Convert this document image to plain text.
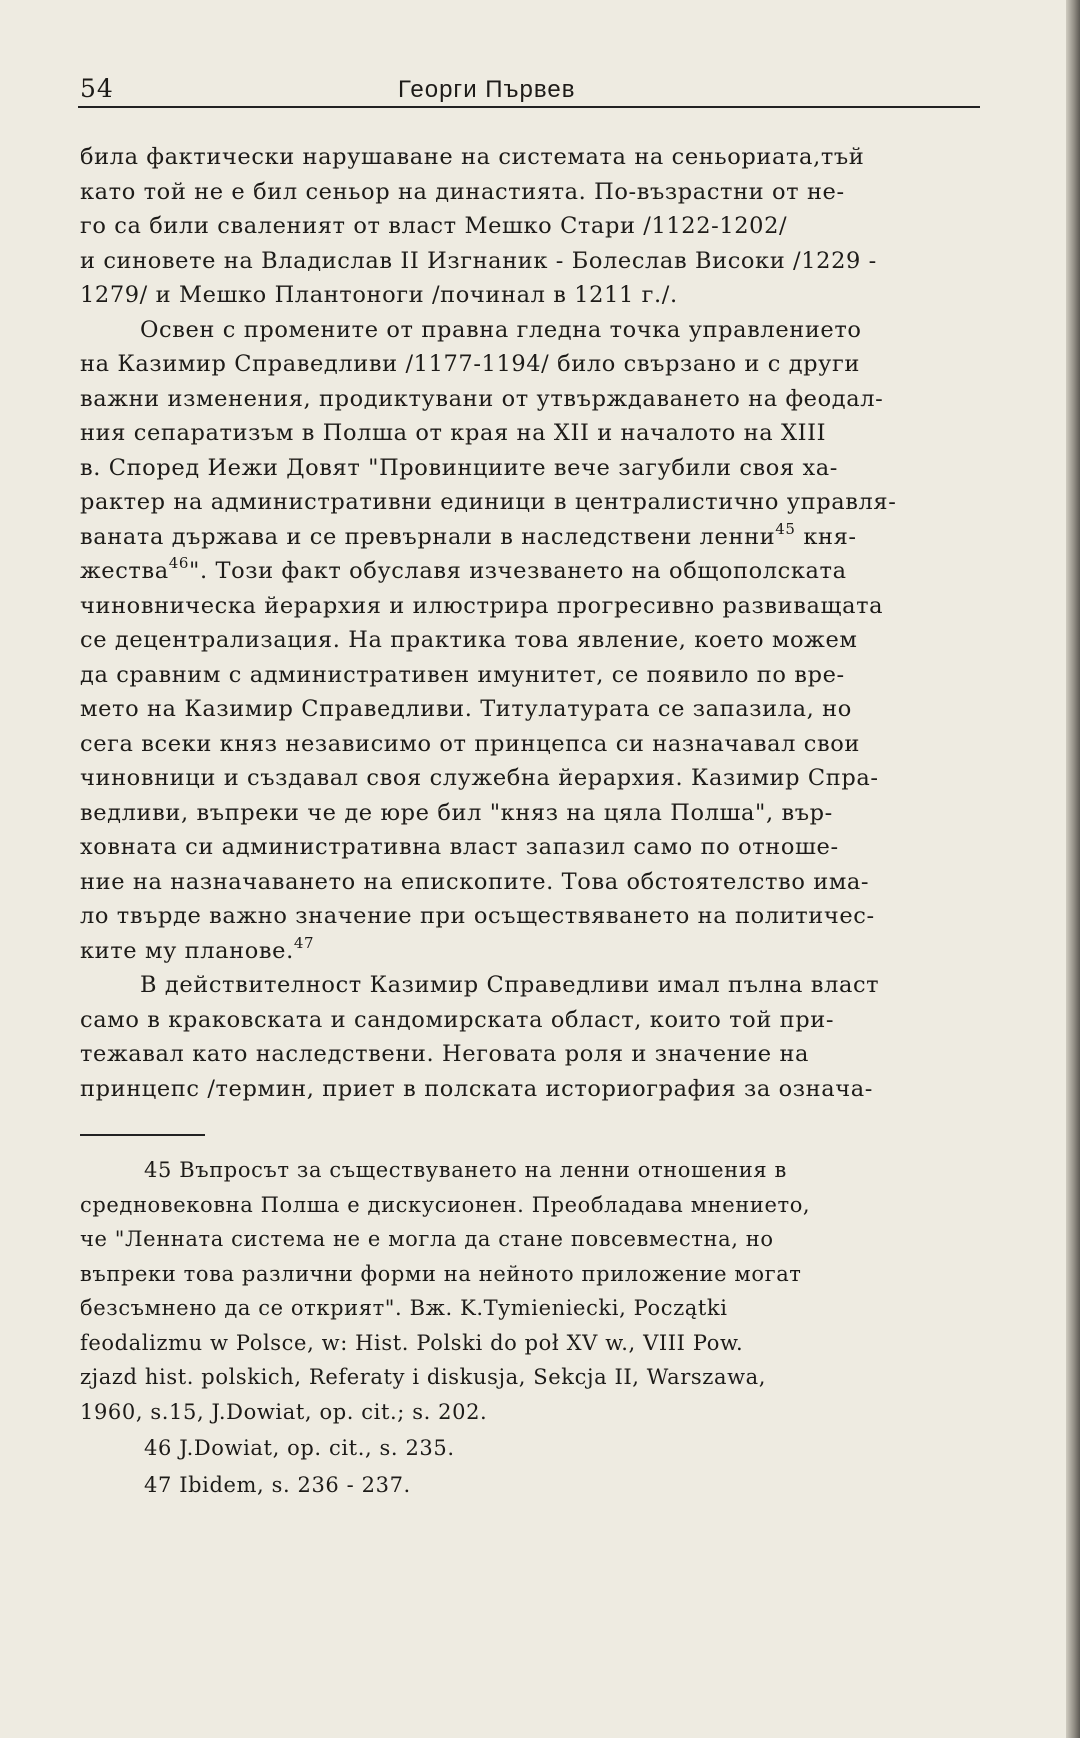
54	Георги Първев
била фактически нарушаване на системата на сеньориата,тъй
като той не е бил сеньор на династията. По-възрастни от не-
го са били свалeният от власт Мешко Стари /1122-1202/
и синовете на Владислав II Изгнаник - Болеслав Високи /1229 -
1279/ и Мешко Плантоноги /починал в 1211 г./.
Освен с промените от правна гледна точка управлението
на Казимир Справедливи /1177-1194/ било свързано и с други
важни изменения, продиктувани от утвърждаването на феодал-
ния сепаратизъм в Полша от края на XII и началото на XIII
в. Според Иежи Довят "Провинциите вече загубили своя ха-
рактер на административни единици в централистично управля-
ваната държава и се превърнали в наследствени ленни$^{45}$ кня-
жества$^{46}$". Този факт обуславя изчезването на общополската
чиновническа йерархия и илюстрира прогресивно развиващата
се децентрализация. На практика това явление, което можем
да сравним с административен имунитет, се появило по вре-
мето на Казимир Справедливи. Титулатурата се запазила, но
сега всеки княз независимо от принцепса си назначавал свои
чиновници и създавал своя служебна йерархия. Казимир Спра-
ведливи, въпреки че де юре бил "княз на цяла Полша", вър-
ховната си административна власт запазил само по отноше-
ние на назначаването на епископите. Това обстоятелство имa-
ло твърде важно значение при осъществяването на политичес-
ките му планове.$^{47}$
В действителност Казимир Справедливи имал пълна власт
само в краковската и сандомирската област, които той при-
тежавал като наследствени. Неговата роля и значение на
принцепс /термин, приет в полската историография за означа-
45 Въпросът за съществуването на ленни отношения в
средновековна Полша е дискусионен. Преобладава мнението,
че "Ленната система не е могла да стане повсевместна, но
въпреки това различни форми на нейното приложение могат
безсъмнено да се открият". Вж. K.Tymieniecki, Początki
feodalizmu w Polsce, w: Hist. Polski do poł XV w., VIII Pow.
zjazd hist. polskich, Referaty i diskusja, Sekcja II, Warszawa,
1960, s.15, J.Dowiat, op. cit.; s. 202.
46 J.Dowiat, op. cit., s. 235.
47 Ibidem, s. 236 - 237.
